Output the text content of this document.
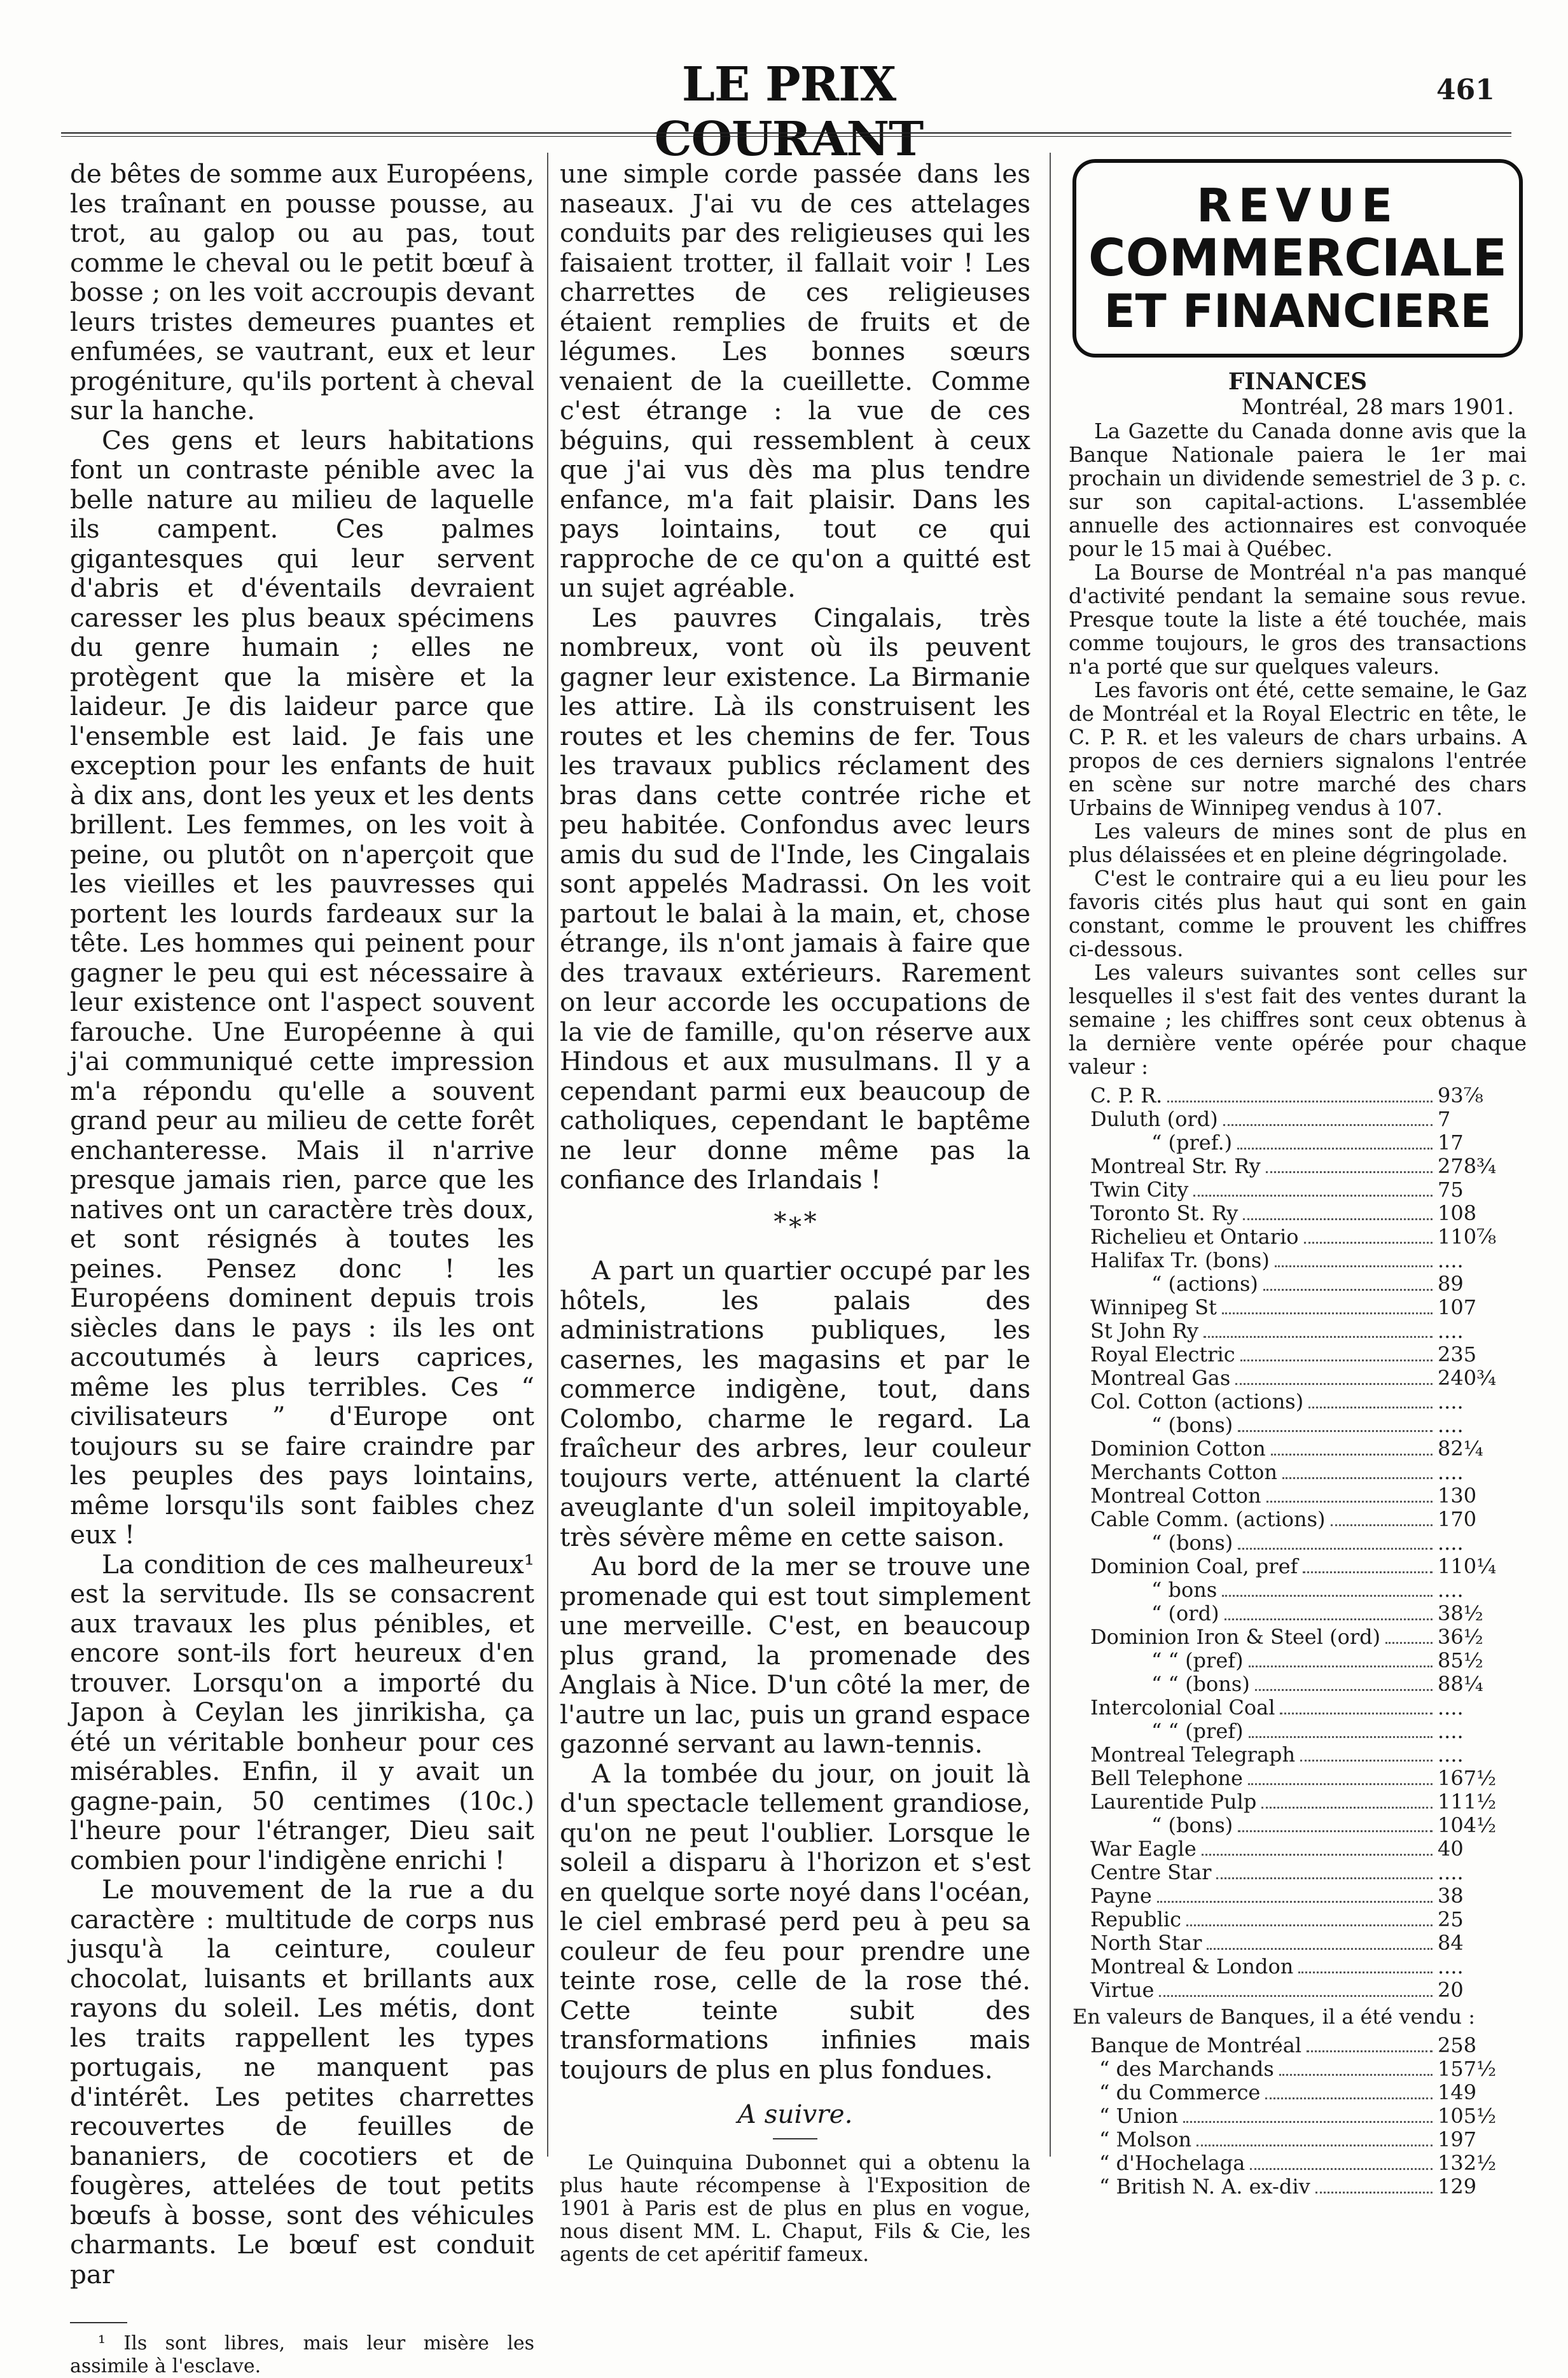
LE PRIX COURANT
461

de bêtes de somme aux Européens, les traînant en pousse pousse, au trot, au galop ou au pas, tout comme le cheval ou le petit bœuf à bosse ; on les voit accroupis devant leurs tristes demeures puantes et enfumées, se vautrant, eux et leur progéniture, qu'ils portent à cheval sur la hanche.

Ces gens et leurs habitations font un contraste pénible avec la belle nature au milieu de laquelle ils campent. Ces palmes gigantesques qui leur servent d'abris et d'éventails devraient caresser les plus beaux spécimens du genre humain ; elles ne protègent que la misère et la laideur. Je dis laideur parce que l'ensemble est laid. Je fais une exception pour les enfants de huit à dix ans, dont les yeux et les dents brillent. Les femmes, on les voit à peine, ou plutôt on n'aperçoit que les vieilles et les pauvresses qui portent les lourds fardeaux sur la tête. Les hommes qui peinent pour gagner le peu qui est nécessaire à leur existence ont l'aspect souvent farouche. Une Européenne à qui j'ai communiqué cette impression m'a répondu qu'elle a souvent grand peur au milieu de cette forêt enchanteresse. Mais il n'arrive presque jamais rien, parce que les natives ont un caractère très doux, et sont résignés à toutes les peines. Pensez donc ! les Européens dominent depuis trois siècles dans le pays : ils les ont accoutumés à leurs caprices, même les plus terribles. Ces “ civilisateurs ” d'Europe ont toujours su se faire craindre par les peuples des pays lointains, même lorsqu'ils sont faibles chez eux !

La condition de ces malheureux¹ est la servitude. Ils se consacrent aux travaux les plus pénibles, et encore sont-ils fort heureux d'en trouver. Lorsqu'on a importé du Japon à Ceylan les jinrikisha, ça été un véritable bonheur pour ces misérables. Enfin, il y avait un gagne-pain, 50 centimes (10c.) l'heure pour l'étranger, Dieu sait combien pour l'indigène enrichi !

Le mouvement de la rue a du caractère : multitude de corps nus jusqu'à la ceinture, couleur chocolat, luisants et brillants aux rayons du soleil. Les métis, dont les traits rappellent les types portugais, ne manquent pas d'intérêt. Les petites charrettes recouvertes de feuilles de bananiers, de cocotiers et de fougères, attelées de tout petits bœufs à bosse, sont des véhicules charmants. Le bœuf est conduit par

¹ Ils sont libres, mais leur misère les assimile à l'esclave.

une simple corde passée dans les naseaux. J'ai vu de ces attelages conduits par des religieuses qui les faisaient trotter, il fallait voir ! Les charrettes de ces religieuses étaient remplies de fruits et de légumes. Les bonnes sœurs venaient de la cueillette. Comme c'est étrange : la vue de ces béguins, qui ressemblent à ceux que j'ai vus dès ma plus tendre enfance, m'a fait plaisir. Dans les pays lointains, tout ce qui rapproche de ce qu'on a quitté est un sujet agréable.

Les pauvres Cingalais, très nombreux, vont où ils peuvent gagner leur existence. La Birmanie les attire. Là ils construisent les routes et les chemins de fer. Tous les travaux publics réclament des bras dans cette contrée riche et peu habitée. Confondus avec leurs amis du sud de l'Inde, les Cingalais sont appelés Madrassi. On les voit partout le balai à la main, et, chose étrange, ils n'ont jamais à faire que des travaux extérieurs. Rarement on leur accorde les occupations de la vie de famille, qu'on réserve aux Hindous et aux musulmans. Il y a cependant parmi eux beaucoup de catholiques, cependant le baptême ne leur donne même pas la confiance des Irlandais !

*∗*

A part un quartier occupé par les hôtels, les palais des administrations publiques, les casernes, les magasins et par le commerce indigène, tout, dans Colombo, charme le regard. La fraîcheur des arbres, leur couleur toujours verte, atténuent la clarté aveuglante d'un soleil impitoyable, très sévère même en cette saison.

Au bord de la mer se trouve une promenade qui est tout simplement une merveille. C'est, en beaucoup plus grand, la promenade des Anglais à Nice. D'un côté la mer, de l'autre un lac, puis un grand espace gazonné servant au lawn-tennis.

A la tombée du jour, on jouit là d'un spectacle tellement grandiose, qu'on ne peut l'oublier. Lorsque le soleil a disparu à l'horizon et s'est en quelque sorte noyé dans l'océan, le ciel embrasé perd peu à peu sa couleur de feu pour prendre une teinte rose, celle de la rose thé. Cette teinte subit des transformations infinies mais toujours de plus en plus fondues.

A suivre.

Le Quinquina Dubonnet qui a obtenu la plus haute récompense à l'Exposition de 1901 à Paris est de plus en plus en vogue, nous disent MM. L. Chaput, Fils & Cie, les agents de cet apéritif fameux.

REVUE
COMMERCIALE
ET FINANCIERE
FINANCES
Montréal, 28 mars 1901.

La Gazette du Canada donne avis que la Banque Nationale paiera le 1er mai prochain un dividende semestriel de 3 p. c. sur son capital-actions. L'assemblée annuelle des actionnaires est convoquée pour le 15 mai à Québec.

La Bourse de Montréal n'a pas manqué d'activité pendant la semaine sous revue. Presque toute la liste a été touchée, mais comme toujours, le gros des transactions n'a porté que sur quelques valeurs.

Les favoris ont été, cette semaine, le Gaz de Montréal et la Royal Electric en tête, le C. P. R. et les valeurs de chars urbains. A propos de ces derniers signalons l'entrée en scène sur notre marché des chars Urbains de Winnipeg vendus à 107.

Les valeurs de mines sont de plus en plus délaissées et en pleine dégringolade.

C'est le contraire qui a eu lieu pour les favoris cités plus haut qui sont en gain constant, comme le prouvent les chiffres ci-dessous.

Les valeurs suivantes sont celles sur lesquelles il s'est fait des ventes durant la semaine ; les chiffres sont ceux obtenus à la dernière vente opérée pour chaque valeur :

C. P. R.	93⅞
Duluth (ord)	7
“ (pref.)	17
Montreal Str. Ry	278¾
Twin City	75
Toronto St. Ry	108
Richelieu et Ontario	110⅞
Halifax Tr. (bons)	....
“ (actions)	89
Winnipeg St	107
St John Ry	....
Royal Electric	235
Montreal Gas	240¾
Col. Cotton (actions)	....
“ (bons)	....
Dominion Cotton	82¼
Merchants Cotton	....
Montreal Cotton	130
Cable Comm. (actions)	170
“ (bons)	....
Dominion Coal, pref	110¼
“ bons	....
“ (ord)	38½
Dominion Iron & Steel (ord)	36½
“ “ (pref)	85½
“ “ (bons)	88¼
Intercolonial Coal	....
“ “ (pref)	....
Montreal Telegraph	....
Bell Telephone	167½
Laurentide Pulp	111½
“ (bons)	104½
War Eagle	40
Centre Star	....
Payne	38
Republic	25
North Star	84
Montreal & London	....
Virtue	20
En valeurs de Banques, il a été vendu :
Banque de Montréal	258
“ des Marchands	157½
“ du Commerce	149
“ Union	105½
“ Molson	197
“ d'Hochelaga	132½
“ British N. A. ex-div	129
